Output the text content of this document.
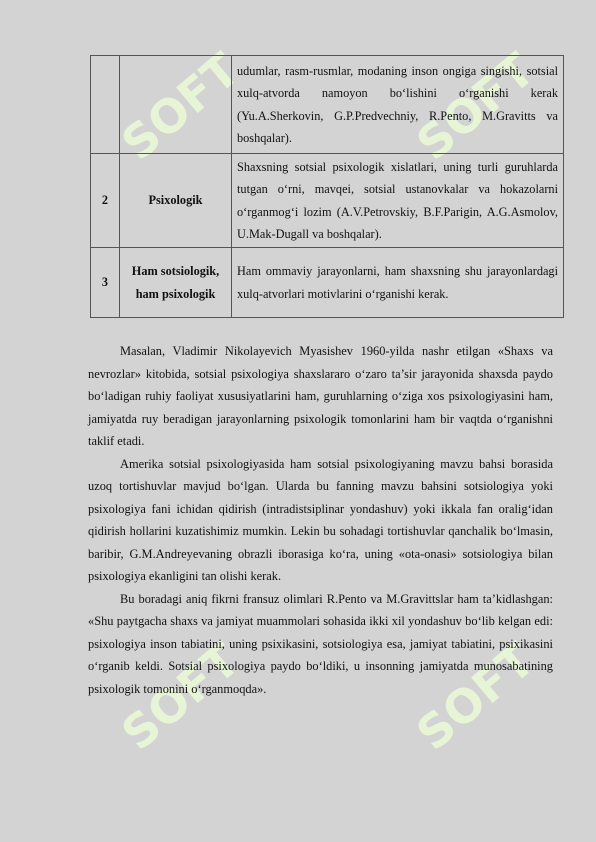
SOFT	SOFT
SOFT	SOFT
		udumlar, rasm-rusmlar, modaning inson ongiga singishi, sotsial xulq-atvorda namoyon bo‘lishini o‘rganishi kerak (Yu.A.Sherkovin, G.P.Predvechniy, R.Pento, M.Gravitts va boshqalar).
2	Psixologik	Shaxsning sotsial psixologik xislatlari, uning turli guruhlarda tutgan o‘rni, mavqei, sotsial ustanovkalar va hokazolarni o‘rganmog‘i lozim (A.V.Petrovskiy, B.F.Parigin, A.G.Asmolov, U.Mak-Dugall va boshqalar).
3	Ham sotsiologik, ham psixologik	Ham ommaviy jarayonlarni, ham shaxsning shu jarayonlardagi xulq-atvorlari motivlarini o‘rganishi kerak.

Masalan, Vladimir Nikolayevich Myasishev 1960-yilda nashr etilgan «Shaxs va nevrozlar» kitobida, sotsial psixologiya shaxslararo o‘zaro ta’sir jarayonida shaxsda paydo bo‘ladigan ruhiy faoliyat xususiyatlarini ham, guruhlarning o‘ziga xos psixologiyasini ham, jamiyatda ruy beradigan jarayonlarning psixologik tomonlarini ham bir vaqtda o‘rganishni taklif etadi.

Amerika sotsial psixologiyasida ham sotsial psixologiyaning mavzu bahsi borasida uzoq tortishuvlar mavjud bo‘lgan. Ularda bu fanning mavzu bahsini sotsiologiya yoki psixologiya fani ichidan qidirish (intradistsiplinar yondashuv) yoki ikkala fan oralig‘idan qidirish hollarini kuzatishimiz mumkin. Lekin bu sohadagi tortishuvlar qanchalik bo‘lmasin, baribir, G.M.Andreyevaning obrazli iborasiga ko‘ra, uning «ota-onasi» sotsiologiya bilan psixologiya ekanligini tan olishi kerak.

Bu boradagi aniq fikrni fransuz olimlari R.Pento va M.Gravittslar ham ta’kidlashgan: «Shu paytgacha shaxs va jamiyat muammolari sohasida ikki xil yondashuv bo‘lib kelgan edi: psixologiya inson tabiatini, uning psixikasini, sotsiologiya esa, jamiyat tabiatini, psixikasini o‘rganib keldi. Sotsial psixologiya paydo bo‘ldiki, u insonning jamiyatda munosabatining psixologik tomonini o‘rganmoqda».
